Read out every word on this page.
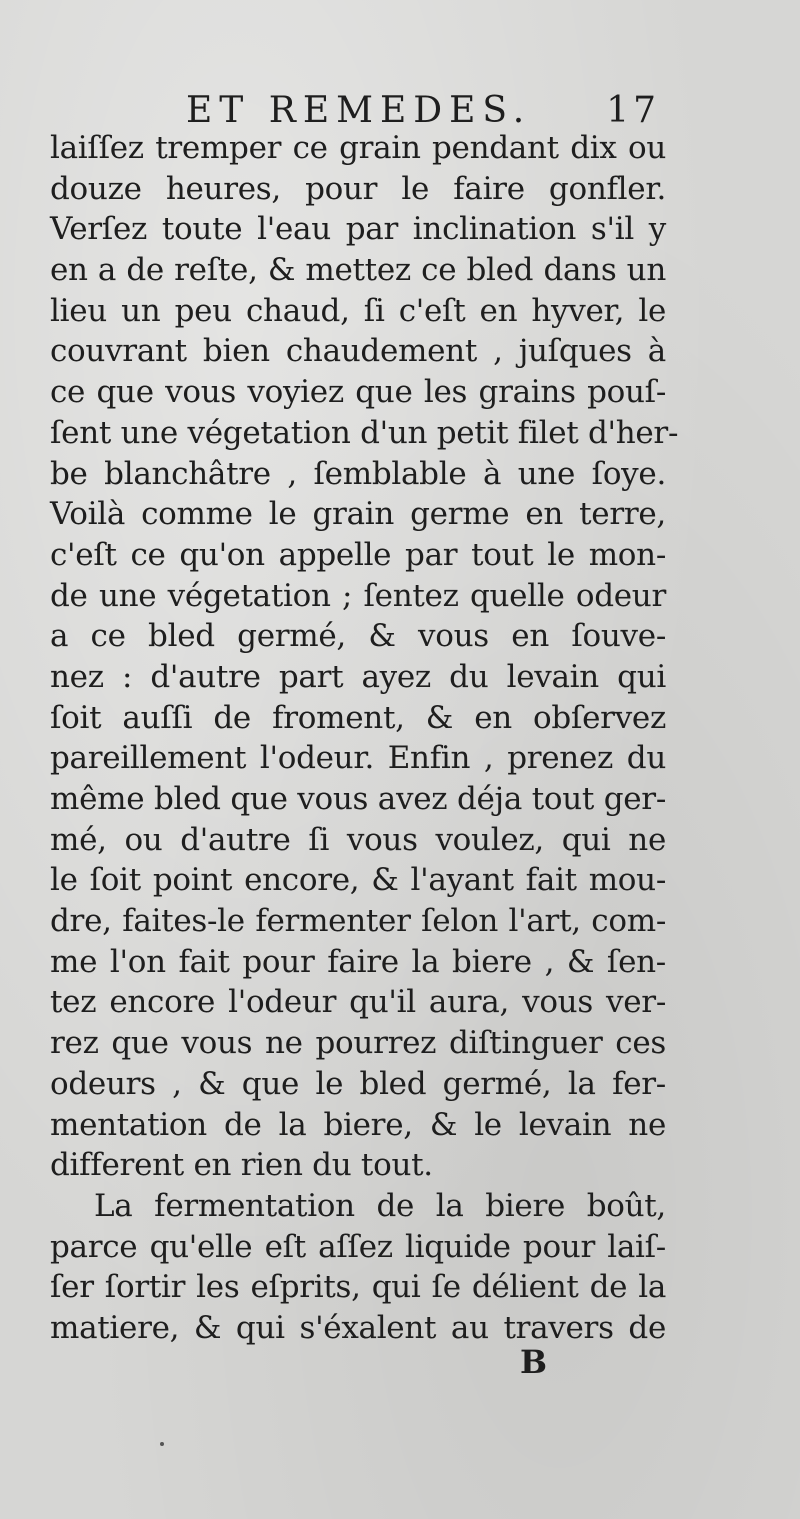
ET REMEDES. 17
laiſſez tremper ce grain pendant dix ou
douze heures, pour le faire gonfler.
Verſez toute l'eau par inclination s'il y
en a de reſte, & mettez ce bled dans un
lieu un peu chaud, ſi c'eſt en hyver, le
couvrant bien chaudement , juſques à
ce que vous voyiez que les grains pouſ-
ſent une végetation d'un petit filet d'her-
be blanchâtre , ſemblable à une ſoye.
Voilà comme le grain germe en terre,
c'eſt ce qu'on appelle par tout le mon-
de une végetation ; ſentez quelle odeur
a ce bled germé, & vous en ſouve-
nez : d'autre part ayez du levain qui
ſoit auſſi de froment, & en obſervez
pareillement l'odeur. Enfin , prenez du
même bled que vous avez déja tout ger-
mé, ou d'autre ſi vous voulez, qui ne
le ſoit point encore, & l'ayant fait mou-
dre, faites-le fermenter ſelon l'art, com-
me l'on fait pour faire la biere , & ſen-
tez encore l'odeur qu'il aura, vous ver-
rez que vous ne pourrez diſtinguer ces
odeurs , & que le bled germé, la fer-
mentation de la biere, & le levain ne
different en rien du tout.
La fermentation de la biere boût,
parce qu'elle eſt aſſez liquide pour laiſ-
ſer ſortir les eſprits, qui ſe délient de la
matiere, & qui s'éxalent au travers de
B
